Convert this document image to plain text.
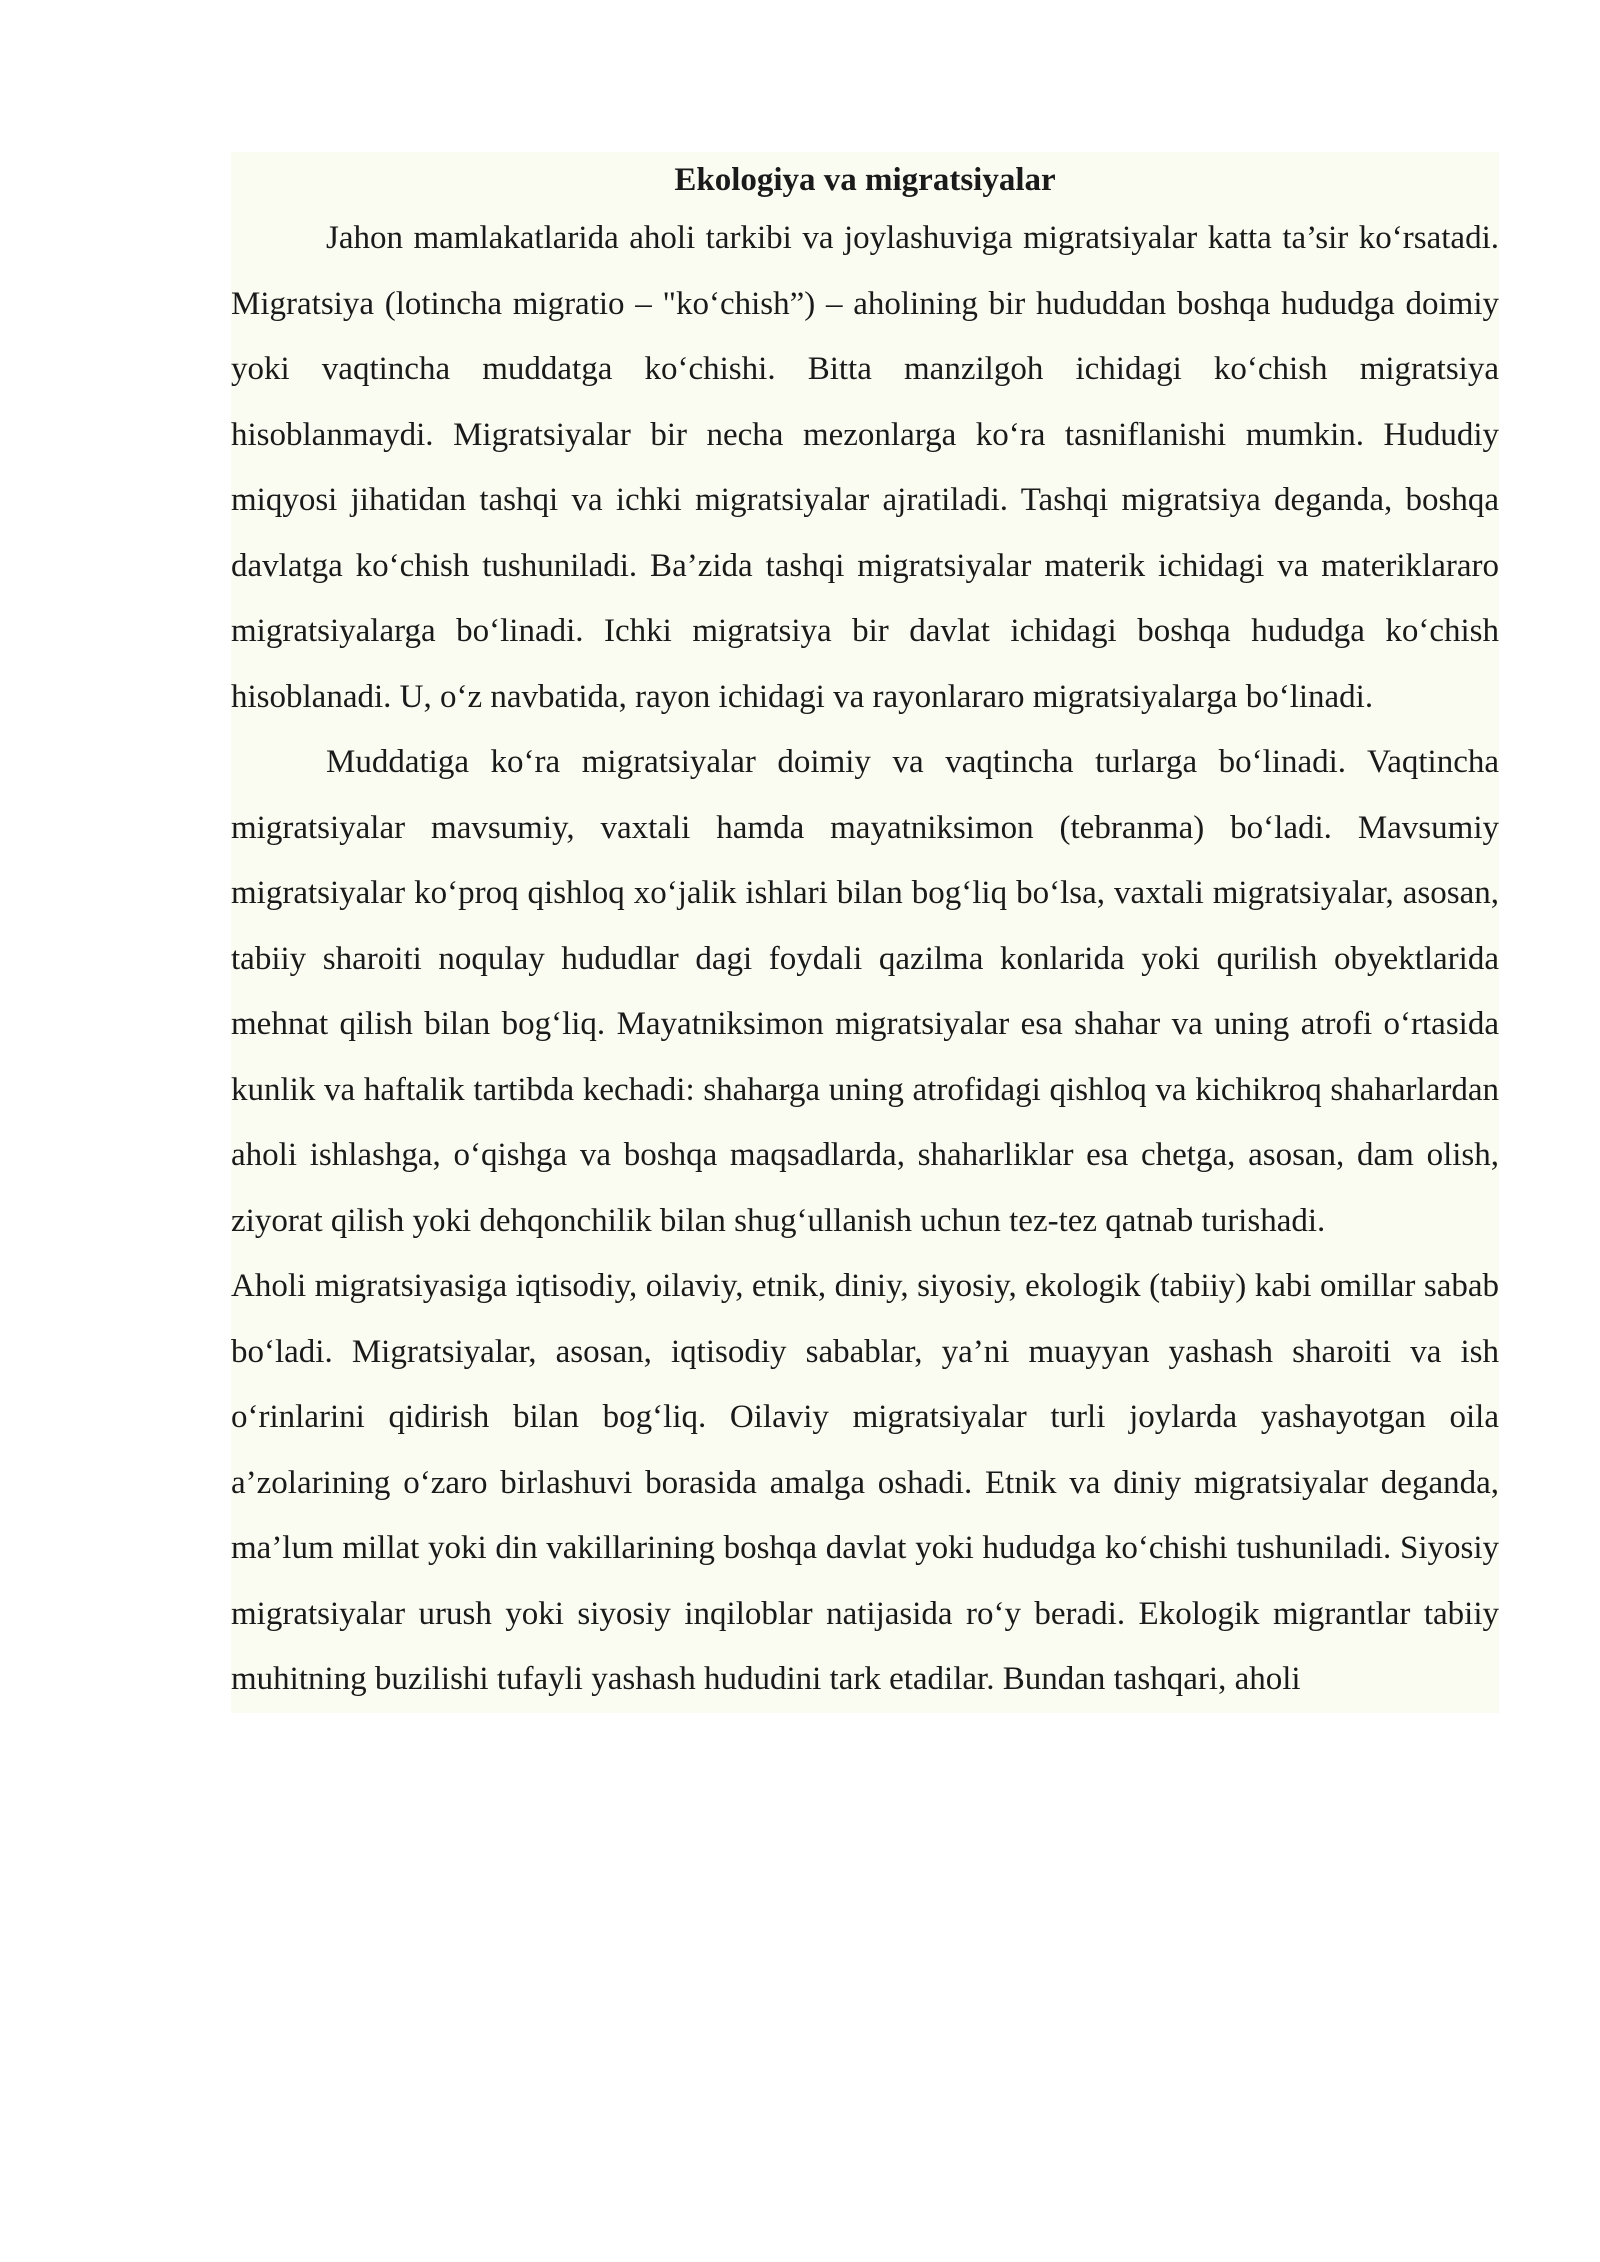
Ekologiya va migratsiyalar

Jahon mamlakatlarida aholi tarkibi va joylashuviga migratsiyalar katta ta’sir ko‘rsatadi. Migratsiya (lotincha migratio – "ko‘chish”) – aholining bir hududdan boshqa hududga doimiy yoki vaqtincha muddatga ko‘chishi. Bitta manzilgoh ichidagi ko‘chish migratsiya hisoblanmaydi. Migratsiyalar bir necha mezonlarga ko‘ra tasniflanishi mumkin. Hududiy miqyosi jihatidan tashqi va ichki migratsiyalar ajratiladi. Tashqi migratsiya deganda, boshqa davlatga ko‘chish tushuniladi. Ba’zida tashqi migratsiyalar materik ichidagi va materiklararo migratsiyalarga bo‘linadi. Ichki migratsiya bir davlat ichidagi boshqa hududga ko‘chish hisoblanadi. U, o‘z navbatida, rayon ichidagi va rayonlararo migratsiyalarga bo‘linadi.

Muddatiga ko‘ra migratsiyalar doimiy va vaqtincha turlarga bo‘linadi. Vaqtincha migratsiyalar mavsumiy, vaxtali hamda mayatniksimon (tebranma) bo‘ladi. Mavsumiy migratsiyalar ko‘proq qishloq xo‘jalik ishlari bilan bog‘liq bo‘lsa, vaxtali migratsiyalar, asosan, tabiiy sharoiti noqulay hududlar dagi foydali qazilma konlarida yoki qurilish obyektlarida mehnat qilish bilan bog‘liq. Mayatniksimon migratsiyalar esa shahar va uning atrofi o‘rtasida kunlik va haftalik tartibda kechadi: shaharga uning atrofidagi qishloq va kichikroq shaharlardan aholi ishlashga, o‘qishga va boshqa maqsadlarda, shaharliklar esa chetga, asosan, dam olish, ziyorat qilish yoki dehqonchilik bilan shug‘ullanish uchun tez-tez qatnab turishadi.

Aholi migratsiyasiga iqtisodiy, oilaviy, etnik, diniy, siyosiy, ekologik (tabiiy) kabi omillar sabab bo‘ladi. Migratsiyalar, asosan, iqtisodiy sabablar, ya’ni muayyan yashash sharoiti va ish o‘rinlarini qidirish bilan bog‘liq. Oilaviy migratsiyalar turli joylarda yashayotgan oila a’zolarining o‘zaro birlashuvi borasida amalga oshadi. Etnik va diniy migratsiyalar deganda, ma’lum millat yoki din vakillarining boshqa davlat yoki hududga ko‘chishi tushuniladi. Siyosiy migratsiyalar urush yoki siyosiy inqiloblar natijasida ro‘y beradi. Ekologik migrantlar tabiiy muhitning buzilishi tufayli yashash hududini tark etadilar. Bundan tashqari, aholi
